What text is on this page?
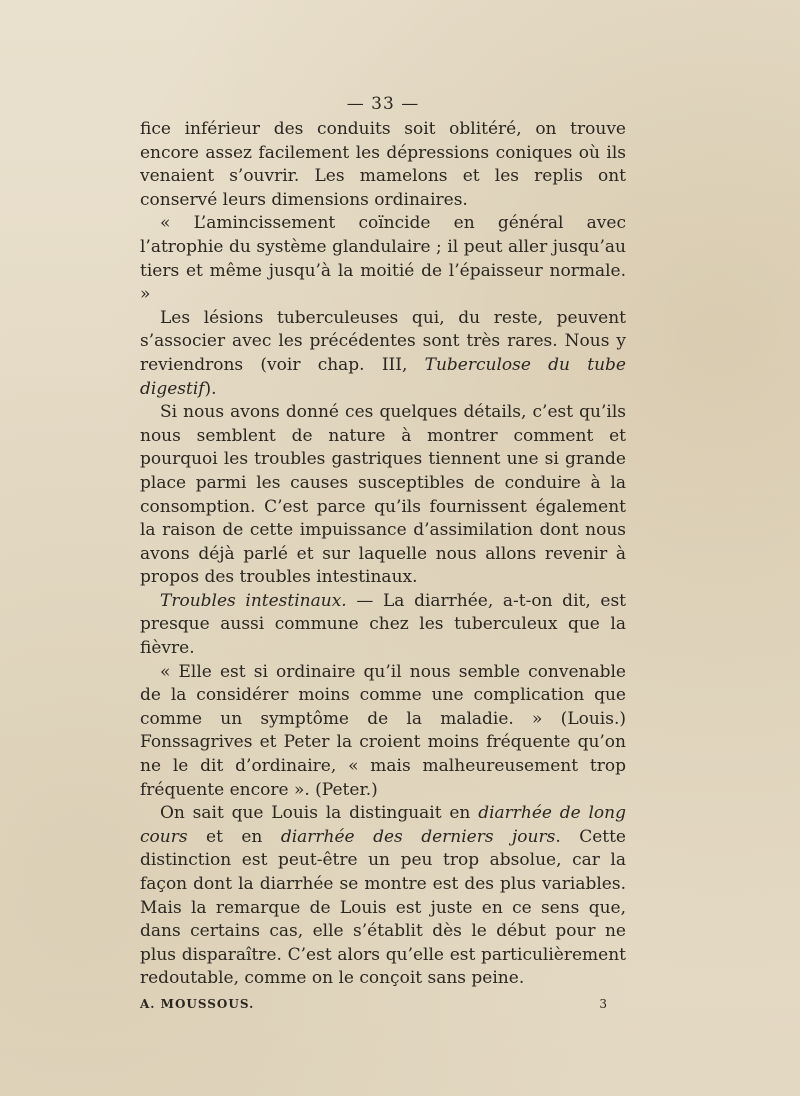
— 33 —

fice inférieur des conduits soit oblitéré, on trouve encore assez facilement les dépressions coniques où ils venaient s’ouvrir. Les mamelons et les replis ont conservé leurs dimensions ordinaires.

« L’amincissement coïncide en général avec l’atrophie du système glandulaire ; il peut aller jusqu’au tiers et même jusqu’à la moitié de l’épaisseur normale. »

Les lésions tuberculeuses qui, du reste, peuvent s’associer avec les précédentes sont très rares. Nous y reviendrons (voir chap. III, Tuberculose du tube digestif).

Si nous avons donné ces quelques détails, c’est qu’ils nous semblent de nature à montrer comment et pourquoi les troubles gastriques tiennent une si grande place parmi les causes susceptibles de conduire à la consomption. C’est parce qu’ils fournissent également la raison de cette impuissance d’assimilation dont nous avons déjà parlé et sur laquelle nous allons revenir à propos des troubles intestinaux.

Troubles intestinaux. — La diarrhée, a-t-on dit, est presque aussi commune chez les tuberculeux que la fièvre.

« Elle est si ordinaire qu’il nous semble convenable de la considérer moins comme une complication que comme un symptôme de la maladie. » (Louis.) Fonssagrives et Peter la croient moins fréquente qu’on ne le dit d’ordinaire, « mais malheureusement trop fréquente encore ». (Peter.)

On sait que Louis la distinguait en diarrhée de long cours et en diarrhée des derniers jours. Cette distinction est peut-être un peu trop absolue, car la façon dont la diarrhée se montre est des plus variables. Mais la remarque de Louis est juste en ce sens que, dans certains cas, elle s’établit dès le début pour ne plus disparaître. C’est alors qu’elle est particulièrement redoutable, comme on le conçoit sans peine.

A. MOUSSOUS.	3
